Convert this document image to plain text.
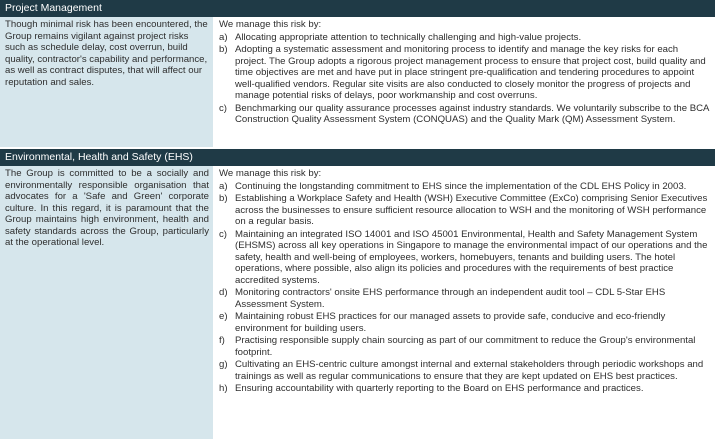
Project Management
Though minimal risk has been encountered, the Group remains vigilant against project risks such as schedule delay, cost overrun, build quality, contractor's capability and performance, as well as contract disputes, that will affect our reputation and sales.
We manage this risk by:
a) Allocating appropriate attention to technically challenging and high-value projects.
b) Adopting a systematic assessment and monitoring process to identify and manage the key risks for each project. The Group adopts a rigorous project management process to ensure that project cost, build quality and time objectives are met and have put in place stringent pre-qualification and tendering procedures to appoint well-qualified vendors. Regular site visits are also conducted to closely monitor the progress of projects and manage potential risks of delays, poor workmanship and cost overruns.
c) Benchmarking our quality assurance processes against industry standards. We voluntarily subscribe to the BCA Construction Quality Assessment System (CONQUAS) and the Quality Mark (QM) Assessment System.
Environmental, Health and Safety (EHS)
The Group is committed to be a socially and environmentally responsible organisation that advocates for a 'Safe and Green' corporate culture. In this regard, it is paramount that the Group maintains high environment, health and safety standards across the Group, particularly at the operational level.
We manage this risk by:
a) Continuing the longstanding commitment to EHS since the implementation of the CDL EHS Policy in 2003.
b) Establishing a Workplace Safety and Health (WSH) Executive Committee (ExCo) comprising Senior Executives across the businesses to ensure sufficient resource allocation to WSH and the monitoring of WSH performance on a regular basis.
c) Maintaining an integrated ISO 14001 and ISO 45001 Environmental, Health and Safety Management System (EHSMS) across all key operations in Singapore to manage the environmental impact of our operations and the safety, health and well-being of employees, workers, homebuyers, tenants and building users. The hotel operations, where possible, also align its policies and procedures with the requirements of best practice accredited systems.
d) Monitoring contractors' onsite EHS performance through an independent audit tool – CDL 5-Star EHS Assessment System.
e) Maintaining robust EHS practices for our managed assets to provide safe, conducive and eco-friendly environment for building users.
f)	Practising responsible supply chain sourcing as part of our commitment to reduce the Group's environmental footprint.
g) Cultivating an EHS-centric culture amongst internal and external stakeholders through periodic workshops and trainings as well as regular communications to ensure that they are kept updated on EHS best practices.
h) Ensuring accountability with quarterly reporting to the Board on EHS performance and practices.
